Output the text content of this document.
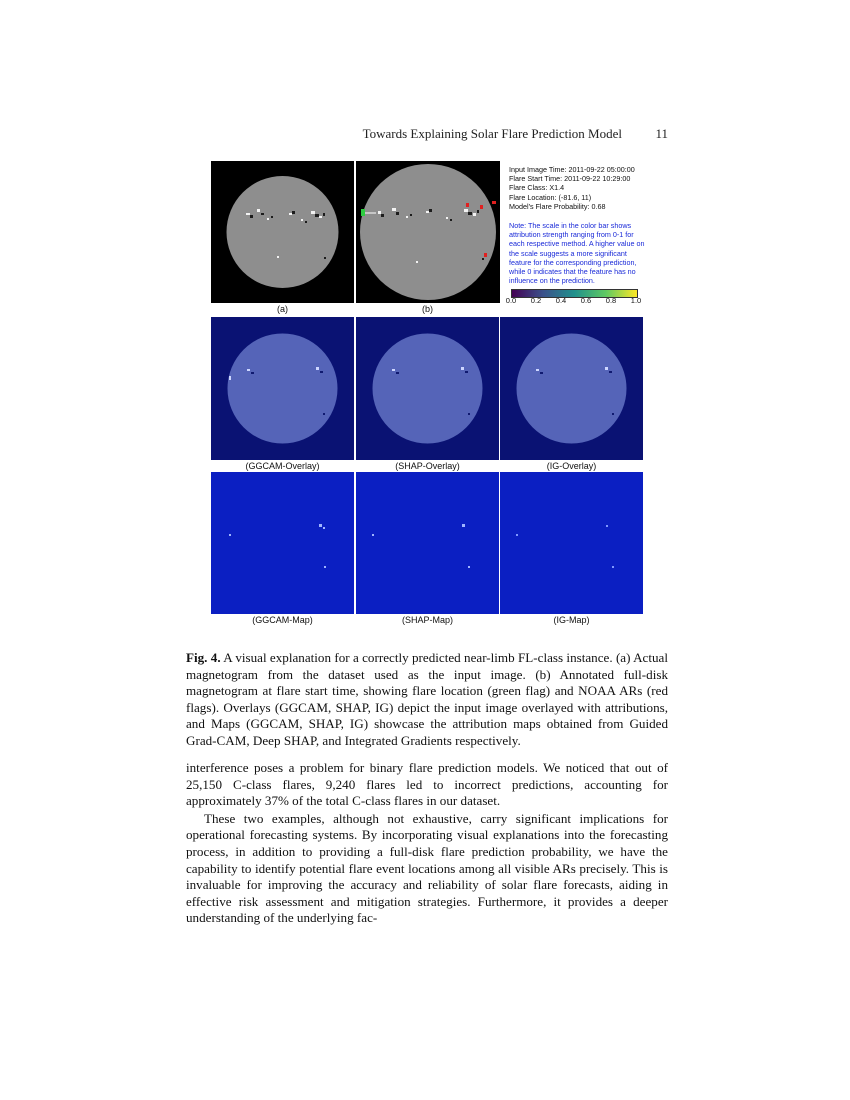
Towards Explaining Solar Flare Prediction Model	11
(a)	(b)
Input Image Time: 2011-09-22 05:00:00
Flare Start Time: 2011-09-22 10:29:00
Flare Class: X1.4
Flare Location: (-81.6, 11)
Model's Flare Probability: 0.68
Note: The scale in the color bar shows attribution strength ranging from 0-1 for each respective method. A higher value on the scale suggests a more significant feature for the corresponding prediction, while 0 indicates that the feature has no influence on the prediction.
0.0 0.2 0.4 0.6 0.8 1.0
(GGCAM-Overlay)	(SHAP-Overlay)	(IG-Overlay)
(GGCAM-Map)	(SHAP-Map)	(IG-Map)
Fig. 4. A visual explanation for a correctly predicted near-limb FL-class instance. (a) Actual magnetogram from the dataset used as the input image. (b) Annotated full-disk magnetogram at flare start time, showing flare location (green flag) and NOAA ARs (red flags). Overlays (GGCAM, SHAP, IG) depict the input image overlayed with attributions, and Maps (GGCAM, SHAP, IG) showcase the attribution maps obtained from Guided Grad-CAM, Deep SHAP, and Integrated Gradients respectively.

interference poses a problem for binary flare prediction models. We noticed that out of 25,150 C-class flares, 9,240 flares led to incorrect predictions, accounting for approximately 37% of the total C-class flares in our dataset.

These two examples, although not exhaustive, carry significant implications for operational forecasting systems. By incorporating visual explanations into the forecasting process, in addition to providing a full-disk flare prediction probability, we have the capability to identify potential flare event locations among all visible ARs precisely. This is invaluable for improving the accuracy and reliability of solar flare forecasts, aiding in effective risk assessment and mitigation strategies. Furthermore, it provides a deeper understanding of the underlying fac-
